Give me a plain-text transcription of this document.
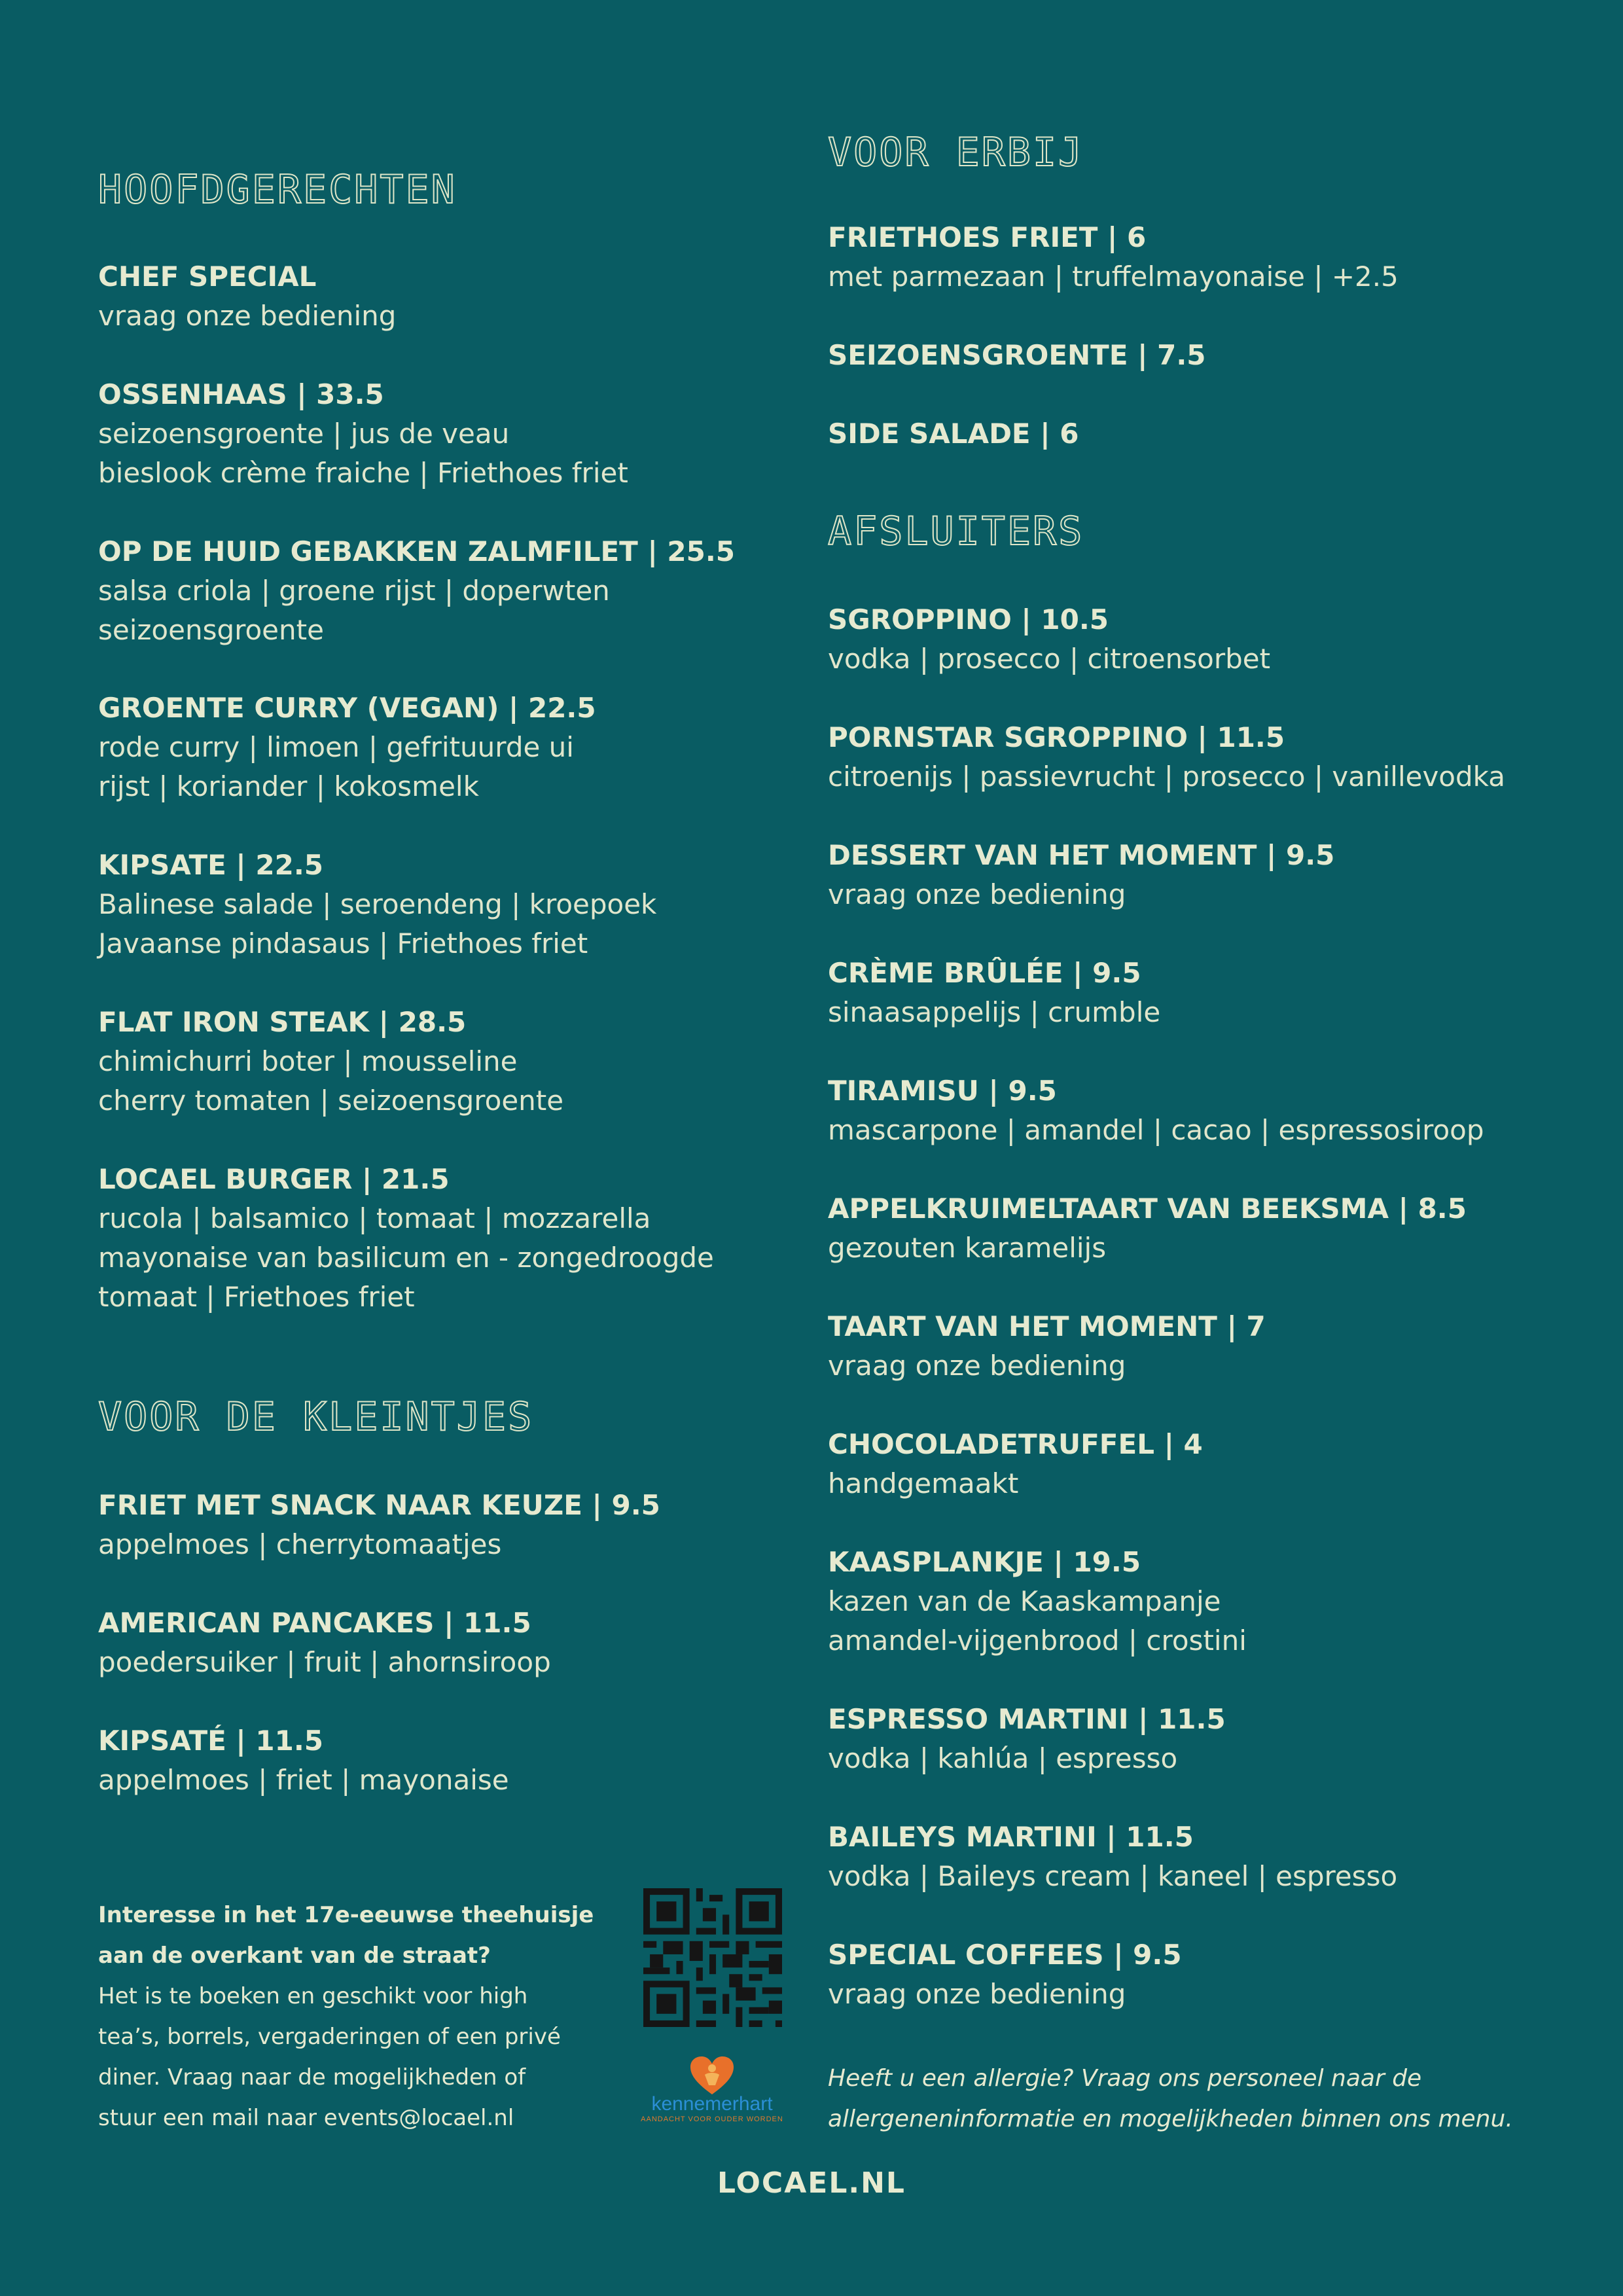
HOOFDGERECHTEN
CHEF SPECIAL
vraag onze bediening
OSSENHAAS | 33.5
seizoensgroente | jus de veau
bieslook crème fraiche | Friethoes friet
OP DE HUID GEBAKKEN ZALMFILET | 25.5
salsa criola | groene rijst | doperwten
seizoensgroente
GROENTE CURRY (VEGAN) | 22.5
rode curry | limoen | gefrituurde ui
rijst | koriander | kokosmelk
KIPSATE | 22.5
Balinese salade | seroendeng | kroepoek
Javaanse pindasaus | Friethoes friet
FLAT IRON STEAK | 28.5
chimichurri boter | mousseline
cherry tomaten | seizoensgroente
LOCAEL BURGER | 21.5
rucola | balsamico | tomaat | mozzarella
mayonaise van basilicum en - zongedroogde
tomaat | Friethoes friet
VOOR DE KLEINTJES
FRIET MET SNACK NAAR KEUZE | 9.5
appelmoes | cherrytomaatjes
AMERICAN PANCAKES | 11.5
poedersuiker | fruit | ahornsiroop
KIPSATÉ | 11.5
appelmoes | friet | mayonaise
VOOR ERBIJ
FRIETHOES FRIET | 6
met parmezaan | truffelmayonaise | +2.5
SEIZOENSGROENTE | 7.5
SIDE SALADE | 6
AFSLUITERS
SGROPPINO | 10.5
vodka | prosecco | citroensorbet
PORNSTAR SGROPPINO | 11.5
citroenijs | passievrucht | prosecco | vanillevodka
DESSERT VAN HET MOMENT | 9.5
vraag onze bediening
CRÈME BRÛLÉE | 9.5
sinaasappelijs | crumble
TIRAMISU | 9.5
mascarpone | amandel | cacao | espressosiroop
APPELKRUIMELTAART VAN BEEKSMA | 8.5
gezouten karamelijs
TAART VAN HET MOMENT | 7
vraag onze bediening
CHOCOLADETRUFFEL | 4
handgemaakt
KAASPLANKJE | 19.5
kazen van de Kaaskampanje
amandel-vijgenbrood | crostini
ESPRESSO MARTINI | 11.5
vodka | kahlúa | espresso
BAILEYS MARTINI | 11.5
vodka | Baileys cream | kaneel | espresso
SPECIAL COFFEES | 9.5
vraag onze bediening
Interesse in het 17e-eeuwse theehuisje
aan de overkant van de straat?
Het is te boeken en geschikt voor high
tea’s, borrels, vergaderingen of een privé
diner. Vraag naar de mogelijkheden of
stuur een mail naar events@locael.nl
kennemerhart
AANDACHT VOOR OUDER WORDEN
Heeft u een allergie? Vraag ons personeel naar de
allergeneninformatie en mogelijkheden binnen ons menu.
LOCAEL.NL
